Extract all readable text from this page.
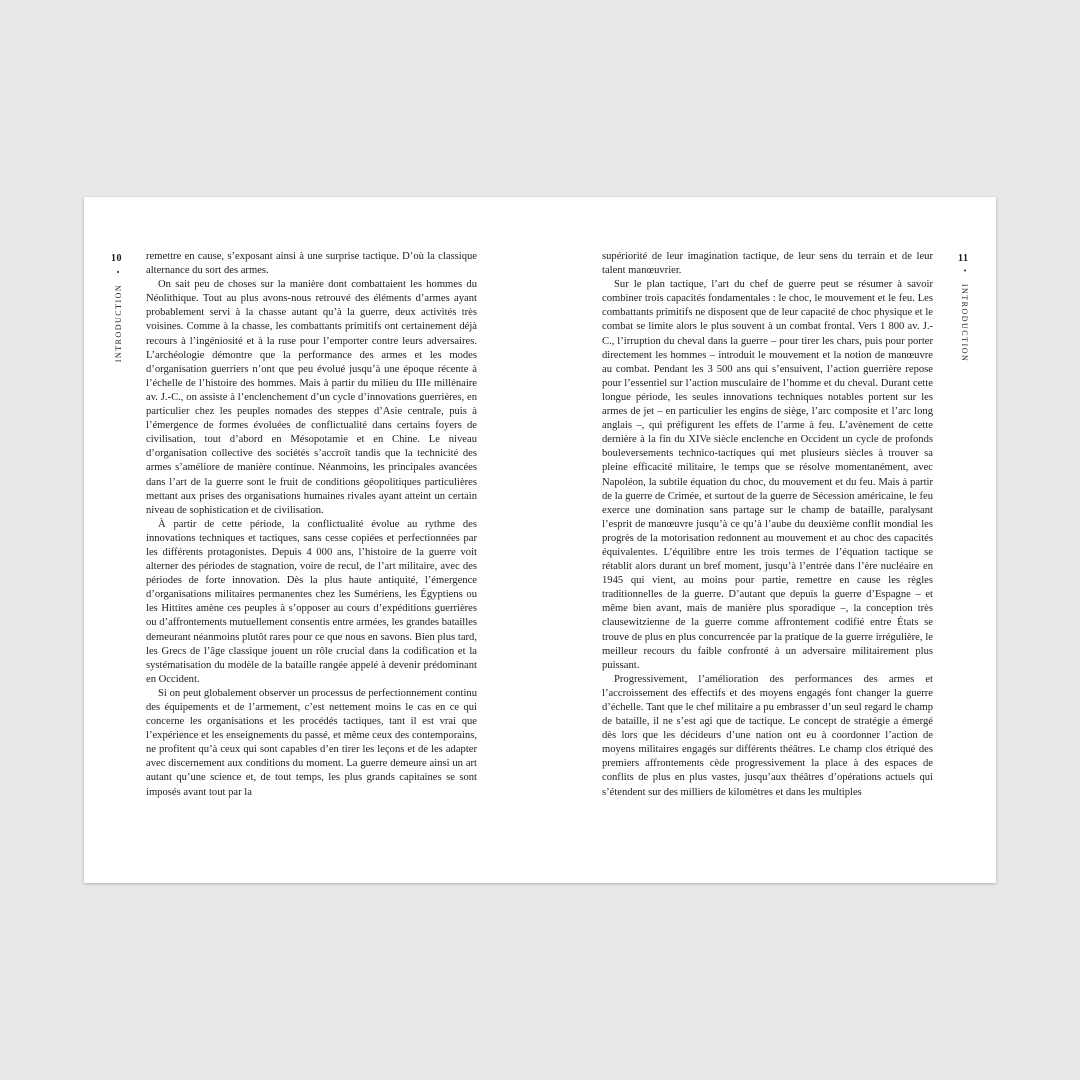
10
INTRODUCTION   •

remettre en cause, s’exposant ainsi à une surprise tactique. D’où la classique alternance du sort des armes.

On sait peu de choses sur la manière dont combattaient les hommes du Néolithique. Tout au plus avons-nous retrouvé des éléments d’armes ayant probablement servi à la chasse autant qu’à la guerre, deux activités très voisines. Comme à la chasse, les combattants primitifs ont certainement déjà recours à l’ingéniosité et à la ruse pour l’emporter contre leurs adversaires. L’archéologie démontre que la performance des armes et les modes d’organisation guerriers n’ont que peu évolué jusqu’à une époque récente à l’échelle de l’histoire des hommes. Mais à partir du milieu du IIIe millénaire av. J.-C., on assiste à l’enclenchement d’un cycle d’innovations guerrières, en particulier chez les peuples nomades des steppes d’Asie centrale, puis à l’émergence de formes évoluées de conflictualité dans certains foyers de civilisation, tout d’abord en Mésopotamie et en Chine. Le niveau d’organisation collective des sociétés s’accroît tandis que la technicité des armes s’améliore de manière continue. Néanmoins, les principales avancées dans l’art de la guerre sont le fruit de conditions géopolitiques particulières mettant aux prises des organisations humaines rivales ayant atteint un certain niveau de sophistication et de civilisation.

À partir de cette période, la conflictualité évolue au rythme des innovations techniques et tactiques, sans cesse copiées et perfectionnées par les différents protagonistes. Depuis 4 000 ans, l’histoire de la guerre voit alterner des périodes de stagnation, voire de recul, de l’art militaire, avec des périodes de forte innovation. Dès la plus haute antiquité, l’émergence d’organisations militaires permanentes chez les Sumériens, les Égyptiens ou les Hittites amène ces peuples à s’opposer au cours d’expéditions guerrières ou d’affrontements mutuellement consentis entre armées, les grandes batailles demeurant néanmoins plutôt rares pour ce que nous en savons. Bien plus tard, les Grecs de l’âge classique jouent un rôle crucial dans la codification et la systématisation du modèle de la bataille rangée appelé à devenir prédominant en Occident.

Si on peut globalement observer un processus de perfectionnement continu des équipements et de l’armement, c’est nettement moins le cas en ce qui concerne les organisations et les procédés tactiques, tant il est vrai que l’expérience et les enseignements du passé, et même ceux des contemporains, ne profitent qu’à ceux qui sont capables d’en tirer les leçons et de les adapter avec discernement aux conditions du moment. La guerre demeure ainsi un art autant qu’une science et, de tout temps, les plus grands capitaines se sont imposés avant tout par la

11
•   INTRODUCTION

supériorité de leur imagination tactique, de leur sens du terrain et de leur talent manœuvrier.

Sur le plan tactique, l’art du chef de guerre peut se résumer à savoir combiner trois capacités fondamentales : le choc, le mouvement et le feu. Les combattants primitifs ne disposent que de leur capacité de choc physique et le combat se limite alors le plus souvent à un combat frontal. Vers 1 800 av. J.-C., l’irruption du cheval dans la guerre – pour tirer les chars, puis pour porter directement les hommes – introduit le mouvement et la notion de manœuvre au combat. Pendant les 3 500 ans qui s’ensuivent, l’action guerrière repose pour l’essentiel sur l’action musculaire de l’homme et du cheval. Durant cette longue période, les seules innovations techniques notables portent sur les armes de jet – en particulier les engins de siège, l’arc composite et l’arc long anglais –, qui préfigurent les effets de l’arme à feu. L’avènement de cette dernière à la fin du XIVe siècle enclenche en Occident un cycle de profonds bouleversements technico-tactiques qui met plusieurs siècles à trouver sa pleine efficacité militaire, le temps que se résolve momentanément, avec Napoléon, la subtile équation du choc, du mouvement et du feu. Mais à partir de la guerre de Crimée, et surtout de la guerre de Sécession américaine, le feu exerce une domination sans partage sur le champ de bataille, paralysant l’esprit de manœuvre jusqu’à ce qu’à l’aube du deuxième conflit mondial les progrès de la motorisation redonnent au mouvement et au choc des capacités équivalentes. L’équilibre entre les trois termes de l’équation tactique se rétablit alors durant un bref moment, jusqu’à l’entrée dans l’ère nucléaire en 1945 qui vient, au moins pour partie, remettre en cause les règles traditionnelles de la guerre. D’autant que depuis la guerre d’Espagne – et même bien avant, mais de manière plus sporadique –, la conception très clausewitzienne de la guerre comme affrontement codifié entre États se trouve de plus en plus concurrencée par la pratique de la guerre irrégulière, le meilleur recours du faible confronté à un adversaire militairement plus puissant.

Progressivement, l’amélioration des performances des armes et l’accroissement des effectifs et des moyens engagés font changer la guerre d’échelle. Tant que le chef militaire a pu embrasser d’un seul regard le champ de bataille, il ne s’est agi que de tactique. Le concept de stratégie a émergé dès lors que les décideurs d’une nation ont eu à coordonner l’action de moyens militaires engagés sur différents théâtres. Le champ clos étriqué des premiers affrontements cède progressivement la place à des espaces de conflits de plus en plus vastes, jusqu’aux théâtres d’opérations actuels qui s’étendent sur des milliers de kilomètres et dans les multiples
